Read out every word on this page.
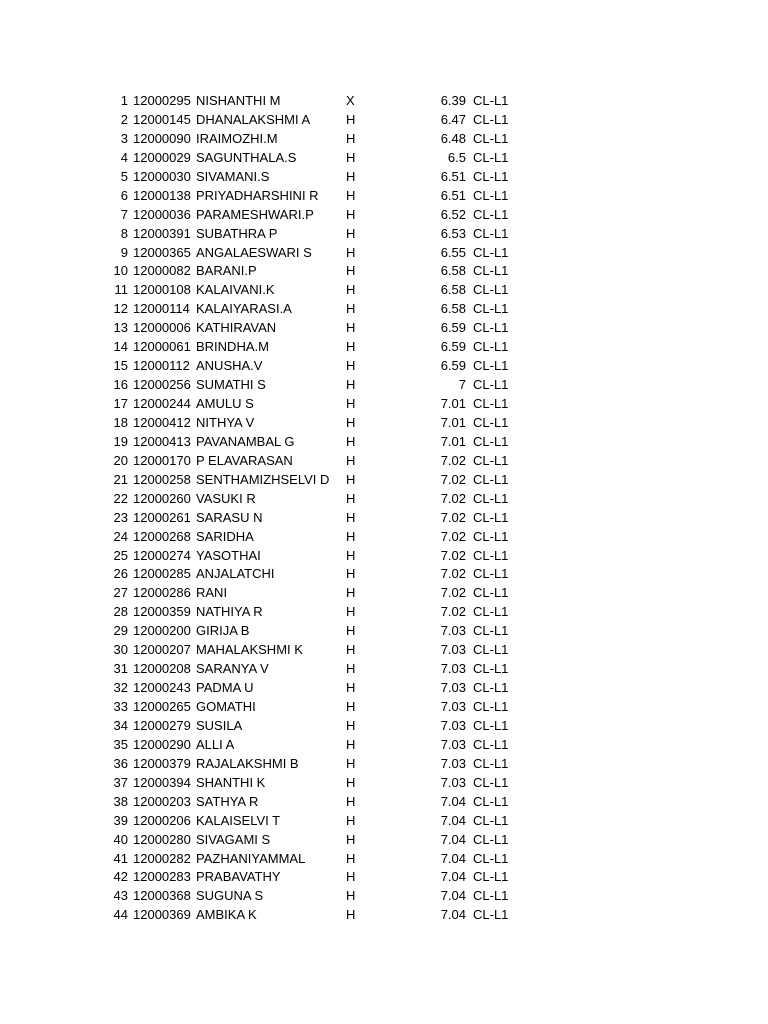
1 12000295 NISHANTHI M	X	6.39 CL-L1
2 12000145 DHANALAKSHMI A	H	6.47 CL-L1
3 12000090 IRAIMOZHI.M	H	6.48 CL-L1
4 12000029 SAGUNTHALA.S	H	6.5 CL-L1
5 12000030 SIVAMANI.S	H	6.51 CL-L1
6 12000138 PRIYADHARSHINI R H	6.51 CL-L1
7 12000036 PARAMESHWARI.P H	6.52 CL-L1
8 12000391 SUBATHRA P	H	6.53 CL-L1
9 12000365 ANGALAESWARI S	H	6.55 CL-L1
10 12000082 BARANI.P	H	6.58 CL-L1
11 12000108 KALAIVANI.K	H	6.58 CL-L1
12 12000114 KALAIYARASI.A	H	6.58 CL-L1
13 12000006 KATHIRAVAN	H	6.59 CL-L1
14 12000061 BRINDHA.M	H	6.59 CL-L1
15 12000112 ANUSHA.V	H	6.59 CL-L1
16 12000256 SUMATHI S	H	7 CL-L1
17 12000244 AMULU S	H	7.01 CL-L1
18 12000412 NITHYA V	H	7.01 CL-L1
19 12000413 PAVANAMBAL G	H	7.01 CL-L1
20 12000170 P ELAVARASAN	H	7.02 CL-L1
21 12000258 SENTHAMIZHSELVI D H	7.02 CL-L1
22 12000260 VASUKI R	H	7.02 CL-L1
23 12000261 SARASU N	H	7.02 CL-L1
24 12000268 SARIDHA	H	7.02 CL-L1
25 12000274 YASOTHAI	H	7.02 CL-L1
26 12000285 ANJALATCHI	H	7.02 CL-L1
27 12000286 RANI	H	7.02 CL-L1
28 12000359 NATHIYA R	H	7.02 CL-L1
29 12000200 GIRIJA B	H	7.03 CL-L1
30 12000207 MAHALAKSHMI K	H	7.03 CL-L1
31 12000208 SARANYA V	H	7.03 CL-L1
32 12000243 PADMA U	H	7.03 CL-L1
33 12000265 GOMATHI	H	7.03 CL-L1
34 12000279 SUSILA	H	7.03 CL-L1
35 12000290 ALLI A	H	7.03 CL-L1
36 12000379 RAJALAKSHMI B	H	7.03 CL-L1
37 12000394 SHANTHI K	H	7.03 CL-L1
38 12000203 SATHYA R	H	7.04 CL-L1
39 12000206 KALAISELVI T	H	7.04 CL-L1
40 12000280 SIVAGAMI S	H	7.04 CL-L1
41 12000282 PAZHANIYAMMAL	H	7.04 CL-L1
42 12000283 PRABAVATHY	H	7.04 CL-L1
43 12000368 SUGUNA S	H	7.04 CL-L1
44 12000369 AMBIKA K	H	7.04 CL-L1
